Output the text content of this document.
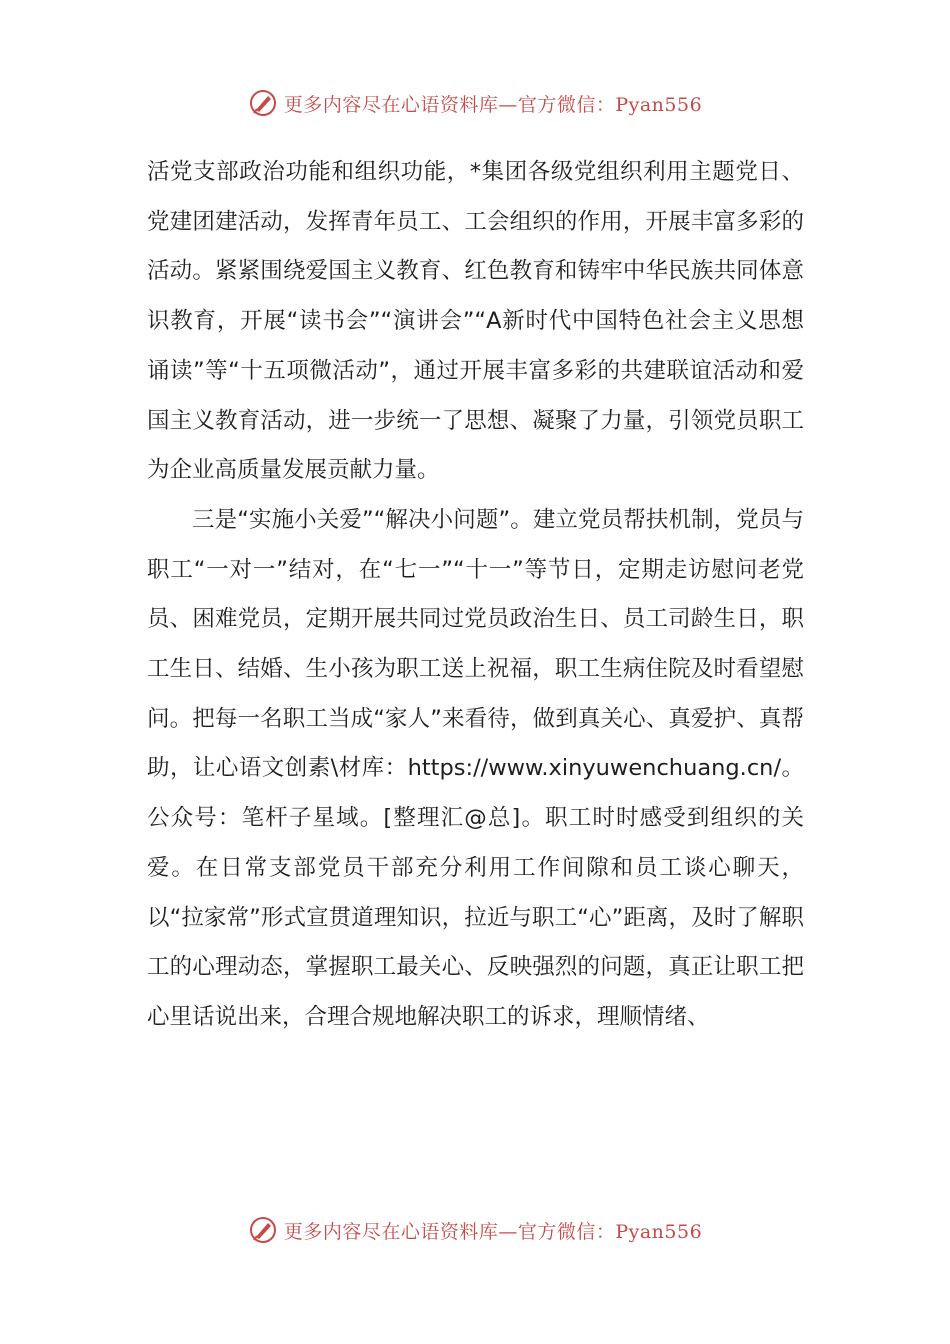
更多内容尽在心语资料库—官方微信：Pyan556

活党支部政治功能和组织功能，*集团各级党组织利用主题党日、党建团建活动，发挥青年员工、工会组织的作用，开展丰富多彩的活动。紧紧围绕爱国主义教育、红色教育和铸牢中华民族共同体意识教育，开展“读书会”“演讲会”“A新时代中国特色社会主义思想诵读”等“十五项微活动”，通过开展丰富多彩的共建联谊活动和爱国主义教育活动，进一步统一了思想、凝聚了力量，引领党员职工为企业高质量发展贡献力量。

三是“实施小关爱”“解决小问题”。建立党员帮扶机制，党员与职工“一对一”结对，在“七一”“十一”等节日，定期走访慰问老党员、困难党员，定期开展共同过党员政治生日、员工司龄生日，职工生日、结婚、生小孩为职工送上祝福，职工生病住院及时看望慰问。把每一名职工当成“家人”来看待，做到真关心、真爱护、真帮助，让心语文创素\材库：https://www.xinyuwenchuang.cn/。公众号：笔杆子星域。[整理汇@总]。职工时时感受到组织的关爱。在日常支部党员干部充分利用工作间隙和员工谈心聊天，以“拉家常”形式宣贯道理知识，拉近与职工“心”距离，及时了解职工的心理动态，掌握职工最关心、反映强烈的问题，真正让职工把心里话说出来，合理合规地解决职工的诉求，理顺情绪、

更多内容尽在心语资料库—官方微信：Pyan556
